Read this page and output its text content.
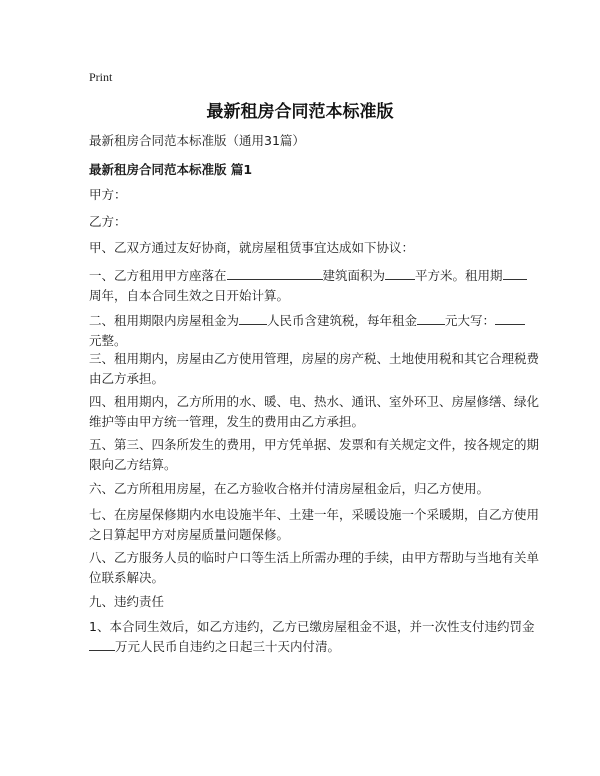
Print
最新租房合同范本标准版

最新租房合同范本标准版（通用31篇）

最新租房合同范本标准版 篇1

甲方：

乙方：

甲、乙双方通过友好协商，就房屋租赁事宜达成如下协议：

一、乙方租用甲方座落在	建筑面积为 平方米。租用期

周年，自本合同生效之日开始计算。

二、租用期限内房屋租金为 人民币含建筑税，每年租金 元大写：

元整。

三、租用期内，房屋由乙方使用管理，房屋的房产税、土地使用税和其它合理税费

由乙方承担。

四、租用期内，乙方所用的水、暖、电、热水、通讯、室外环卫、房屋修缮、绿化

维护等由甲方统一管理，发生的费用由乙方承担。

五、第三、四条所发生的费用，甲方凭单据、发票和有关规定文件，按各规定的期

限向乙方结算。

六、乙方所租用房屋，在乙方验收合格并付清房屋租金后，归乙方使用。

七、在房屋保修期内水电设施半年、土建一年，采暖设施一个采暖期，自乙方使用

之日算起甲方对房屋质量问题保修。

八、乙方服务人员的临时户口等生活上所需办理的手续，由甲方帮助与当地有关单

位联系解决。

九、违约责任

1、本合同生效后，如乙方违约，乙方已缴房屋租金不退，并一次性支付违约罚金

万元人民币自违约之日起三十天内付清。
